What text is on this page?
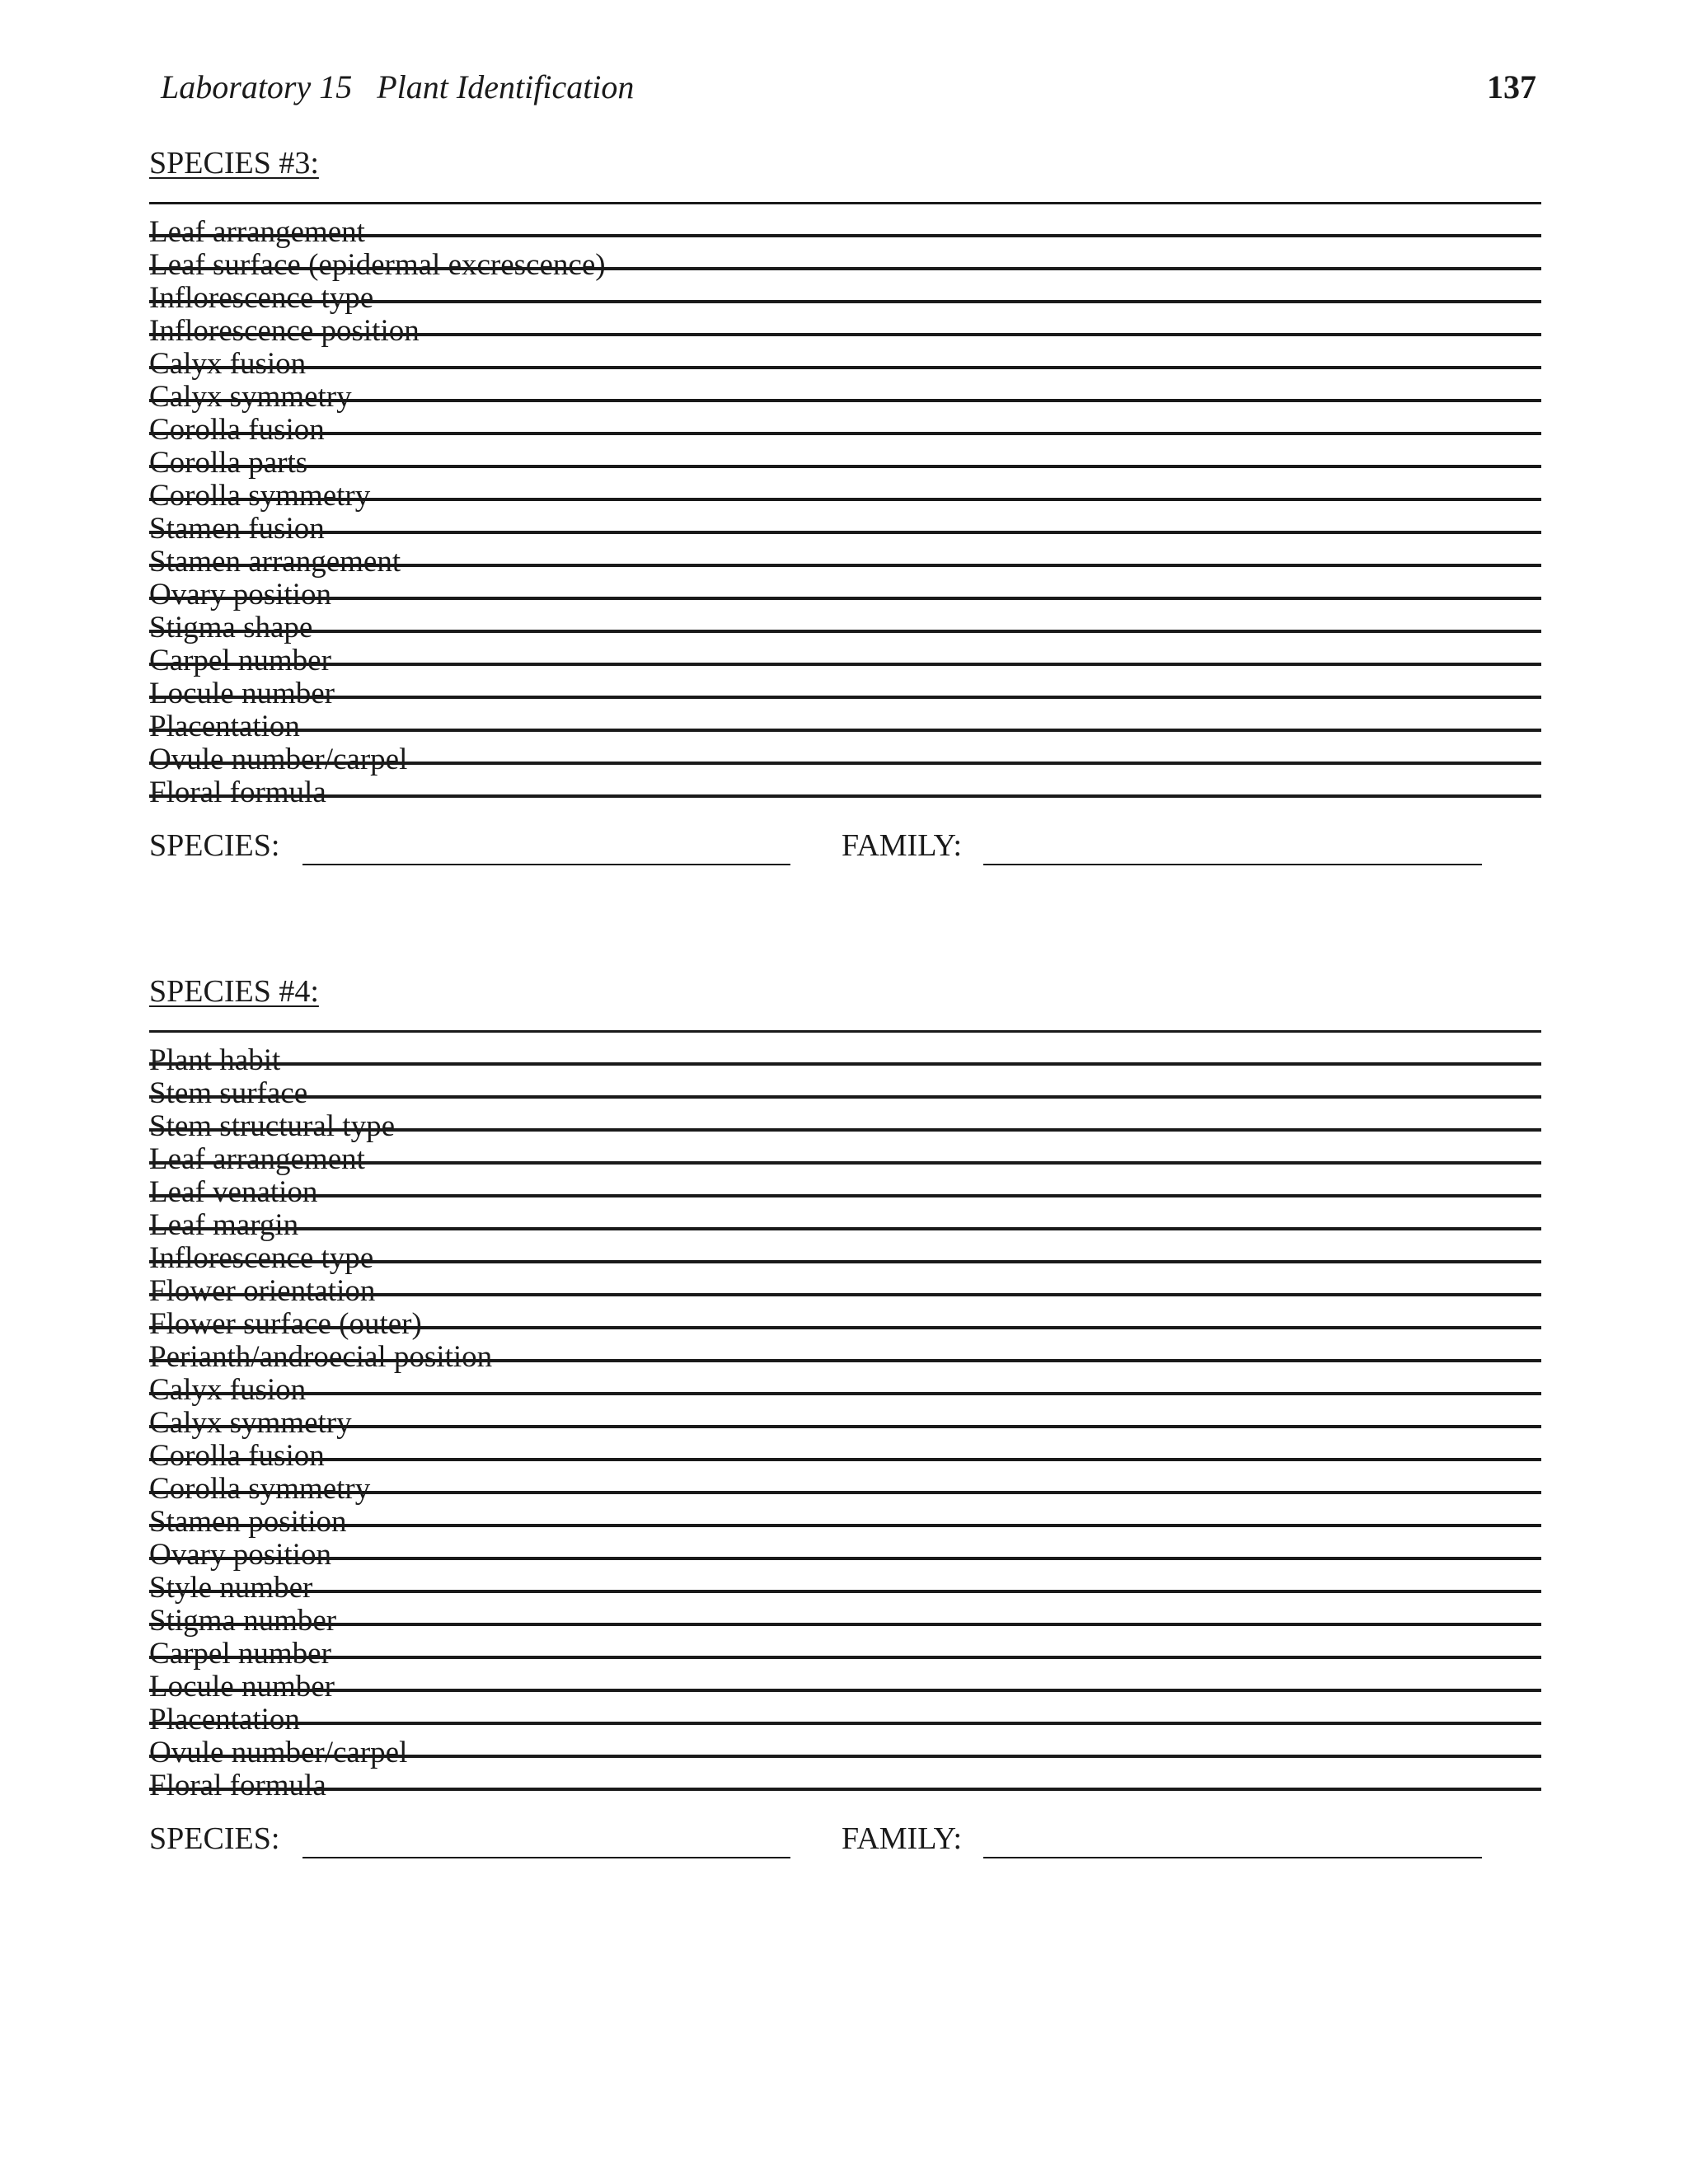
Laboratory 15 Plant Identification	137
SPECIES #3:
Leaf arrangement
Leaf surface (epidermal excrescence)
Inflorescence type
Inflorescence position
Calyx fusion
Calyx symmetry
Corolla fusion
Corolla parts
Corolla symmetry
Stamen fusion
Stamen arrangement
Ovary position
Stigma shape
Carpel number
Locule number
Placentation
Ovule number/carpel
Floral formula
SPECIES:	FAMILY:
SPECIES #4:
Plant habit
Stem surface
Stem structural type
Leaf arrangement
Leaf venation
Leaf margin
Inflorescence type
Flower orientation
Flower surface (outer)
Perianth/androecial position
Calyx fusion
Calyx symmetry
Corolla fusion
Corolla symmetry
Stamen position
Ovary position
Style number
Stigma number
Carpel number
Locule number
Placentation
Ovule number/carpel
Floral formula
SPECIES:	FAMILY:
